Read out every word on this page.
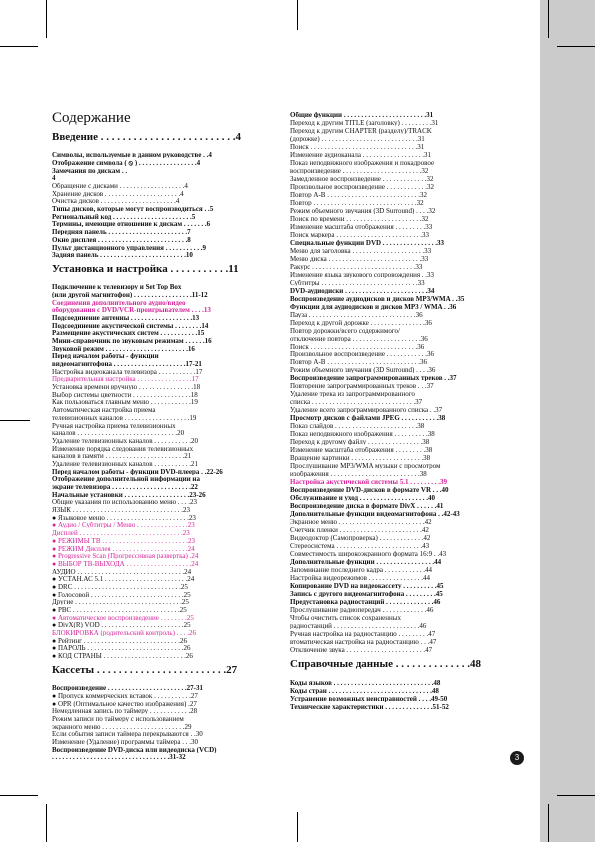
Содержание
Введение . . . . . . . . . . . . . . . . . . . . . . . . .4
Символы, используемые в данном руководстве . .4
Отображение символа ( ⦸ ) . . . . . . . . . . . . . . . . .4
Замечания по дискам . .
4
Обращение с дисками . . . . . . . . . . . . . . . . . . .4
Хранение дисков . . . . . . . . . . . . . . . . . . . . . .4
Очистка дисков . . . . . . . . . . . . . . . . . . . . . .4
Типы дисков, которые могут воспроизводиться . .5
Региональный код . . . . . . . . . . . . . . . . . . . . . . .5
Термины, имеющие отношение к дискам . . . . . . .6
Передняя панель . . . . . . . . . . . . . . . . . . . . . . .7
Окно дисплея . . . . . . . . . . . . . . . . . . . . . . . . . .8
Пульт дистанционного управления . . . . . . . . . . .9
Задняя панель . . . . . . . . . . . . . . . . . . . . . . . . .10
Установка и настройка . . . . . . . . . . .11
Подключение к телевизору и Set Top Box
(или другой магнитофон) . . . . . . . . . . . . . . . . .11-12
Соединения дополнительного аудио/видео
оборудования с DVD/VCR-проигрывателем . . . .13
Подсоединение антенны . . . . . . . . . . . . . . . . . .13
Подсоединение акустической системы . . . . . . . .14
Размещение акустических систем . . . . . . . . . . .15
Мини-справочник по звуковым режимам . . . . . .16
Звуковой режим . . . . . . . . . . . . . . . . . . . . . . . .16
Перед началом работы - функции
видеомагнитофона . . . . . . . . . . . . . . . . . . . . .17-21
Настройка видеоканала телевизора . . . . . . . . . . .17
Предварительная настройка . . . . . . . . . . . . . . . .17
Установка времени вручную . . . . . . . . . . . . . . . .18
Выбор системы цветности . . . . . . . . . . . . . . . . .18
Как пользоваться главным меню . . . . . . . . . . . .19
Автоматическая настройка приема
телевизионных каналов . . . . . . . . . . . . . . . . . . .19
Ручная настройка приема телевизионных
каналов . . . . . . . . . . . . . . . . . . . . . . . . . . . . .20
Удаление телевизионных каналов . . . . . . . . . . .20
Изменение порядка следования телевизионных
каналов в памяти . . . . . . . . . . . . . . . . . . . . . . .21
Удаление телевизионных каналов . . . . . . . . . . .21
Перед началом работы - функции DVD-плеера . .22-26
Отображение дополнительной информации на
экране телевизора . . . . . . . . . . . . . . . . . . . . . . .22
Начальные установки . . . . . . . . . . . . . . . . . . .23-26
Общие указания по использованию меню . . . .23
ЯЗЫК . . . . . . . . . . . . . . . . . . . . . . . . . . . . . . . .23
● Языковое меню . . . . . . . . . . . . . . . . . . . . . . . .23
● Аудио / Субтитры / Меню . . . . . . . . . . . . . . .23
Дисплей . . . . . . . . . . . . . . . . . . . . . . . . . . . . . .23
● РЕЖИМЫ ТВ . . . . . . . . . . . . . . . . . . . . . . . . .23
● РЕЖИМ Дисплея . . . . . . . . . . . . . . . . . . . . . .24
● Progressive Scan (Прогрессивная развертка) .24
● ВЫБОР ТВ-ВЫХОДА . . . . . . . . . . . . . . . . . . .24
АУДИО . . . . . . . . . . . . . . . . . . . . . . . . . . . . . . .24
● УСТАН.АС 5.1 . . . . . . . . . . . . . . . . . . . . . . . .24
● DRC . . . . . . . . . . . . . . . . . . . . . . . . . . . . . . .25
● Голосовой . . . . . . . . . . . . . . . . . . . . . . . . . . .25
Другие . . . . . . . . . . . . . . . . . . . . . . . . . . . . . . .25
● PBC . . . . . . . . . . . . . . . . . . . . . . . . . . . . . . .25
● Автоматическое воспроизведение . . . . . . . .25
● DivX(R) VOD . . . . . . . . . . . . . . . . . . . . . . . .25
БЛОКИРОВКА (родительский контроль) . . . .26
● Рейтинг . . . . . . . . . . . . . . . . . . . . . . . . . . . .26
● ПАРОЛЬ . . . . . . . . . . . . . . . . . . . . . . . . . . . .26
● КОД СТРАНЫ . . . . . . . . . . . . . . . . . . . . . . . .26
Кассеты . . . . . . . . . . . . . . . . . . . . . . . .27
Воспроизведение . . . . . . . . . . . . . . . . . . . . . . .27-31
● Пропуск коммерческих вставок . . . . . . . . . . .27
● OPR (Оптимальное качество изображения) .27
Немедленная запись по таймеру . . . . . . . . . . . .28
Режим записи по таймеру с использованием
экранного меню . . . . . . . . . . . . . . . . . . . . . . . .29
Если события записи таймера перекрываются . .30
Изменение (Удаление) программы таймера . . .30
Воспроизведение DVD-диска или видеодиска (VCD)
. . . . . . . . . . . . . . . . . . . . . . . . . . . . . . . . . .31-32
Общие функции . . . . . . . . . . . . . . . . . . . . . . . .31
Переход к другим TITLE (заголовку) . . . . . . . . .31
Переход к другим CHAPTER (разделу)/TRACK
(дорожке) . . . . . . . . . . . . . . . . . . . . . . . . . . . .31
Поиск . . . . . . . . . . . . . . . . . . . . . . . . . . . . . . .31
Изменение аудиоканала . . . . . . . . . . . . . . . . . .31
Показ неподвижного изображения и покадровое
воспроизведение . . . . . . . . . . . . . . . . . . . . . . .32
Замедленное воспроизведение . . . . . . . . . . . . .32
Произвольное воспроизведение . . . . . . . . . . . .32
Повтор A-B . . . . . . . . . . . . . . . . . . . . . . . . . . .32
Повтор . . . . . . . . . . . . . . . . . . . . . . . . . . . . . .32
Режим объемного звучания (3D Surround) . . . .32
Поиск по времени . . . . . . . . . . . . . . . . . . . . . .32
Изменение масштаба отображения . . . . . . . . .33
Поиск маркера . . . . . . . . . . . . . . . . . . . . . . . . .33
Специальные функции DVD . . . . . . . . . . . . . . . .33
Меню для заголовка . . . . . . . . . . . . . . . . . . . . .33
Меню диска . . . . . . . . . . . . . . . . . . . . . . . . . . .33
Ракурс . . . . . . . . . . . . . . . . . . . . . . . . . . . . . .33
Изменение языка звукового сопровождения . .33
Субтитры . . . . . . . . . . . . . . . . . . . . . . . . . . . .33
DVD-аудиодиски . . . . . . . . . . . . . . . . . . . . . . . .34
Воспроизведение аудиодисков и дисков MP3/WMA . .35
Функции для аудиодисков и дисков MP3 / WMA . .36
Пауза . . . . . . . . . . . . . . . . . . . . . . . . . . . . . . .36
Переход к другой дорожке . . . . . . . . . . . . . . . .36
Повтор дорожки/всего содержимого/
отключение повтора . . . . . . . . . . . . . . . . . . . .36
Поиск . . . . . . . . . . . . . . . . . . . . . . . . . . . . . . .36
Произвольное воспроизведение . . . . . . . . . . . .36
Повтор A-B . . . . . . . . . . . . . . . . . . . . . . . . . . .36
Режим объемного звучания (3D Surround) . . . .36
Воспроизведение запрограммированных треков . .37
Повторение запрограммированных треков . . .37
Удаление трека из запрограммированного
списка . . . . . . . . . . . . . . . . . . . . . . . . . . . . . .37
Удаление всего запрограммированного списка . .37
Просмотр дисков с файлами JPEG . . . . . . . . . . .38
Показ слайдов . . . . . . . . . . . . . . . . . . . . . . . .38
Показ неподвижного изображения . . . . . . . . . .38
Переход к другому файлу . . . . . . . . . . . . . . . .38
Изменение масштаба отображения . . . . . . . . .38
Вращение картинки . . . . . . . . . . . . . . . . . . . . .38
Прослушивание MP3/WMA музыки с просмотром
изображения . . . . . . . . . . . . . . . . . . . . . . . . . .38
Настройка акустической системы 5.1 . . . . . . . . .39
Воспроизведение DVD-дисков в формате VR . . .40
Обслуживание и уход . . . . . . . . . . . . . . . . . . . .40
Воспроизведение диска в формате DivX . . . . . .41
Дополнительные функции видеомагнитофона . .42-43
Экранное меню . . . . . . . . . . . . . . . . . . . . . . . . .42
Счетчик пленки . . . . . . . . . . . . . . . . . . . . . . . .42
Видеодоктор (Самопроверка) . . . . . . . . . . . . .42
Стереосистема . . . . . . . . . . . . . . . . . . . . . . . . .43
Совместимость широкоэкранного формата 16:9 . .43
Дополнительные функции . . . . . . . . . . . . . . . . .44
Запоминание последнего кадра . . . . . . . . . . . .44
Настройка видеорежимов . . . . . . . . . . . . . . . .44
Копирование DVD на видеокассету . . . . . . . . . .45
Запись с другого видеомагнитофона . . . . . . . . .45
Предустановка радиостанций . . . . . . . . . . . . . .46
Прослушивание радиопередач . . . . . . . . . . . . .46
Чтобы очистить список сохраненных
радиостанций . . . . . . . . . . . . . . . . . . . . . . . . .46
Ручная настройка на радиостанцию . . . . . . . . .47
втоматическая настройка на радиостанцию . . .47
Отключение звука . . . . . . . . . . . . . . . . . . . . . . .47
Справочные данные . . . . . . . . . . . . . .48
Коды языков . . . . . . . . . . . . . . . . . . . . . . . . . . . . .48
Коды стран . . . . . . . . . . . . . . . . . . . . . . . . . . . . . .48
Устранение возможных неисправностей . . . .49-50
Технические характеристики . . . . . . . . . . . . . .51-52
3
